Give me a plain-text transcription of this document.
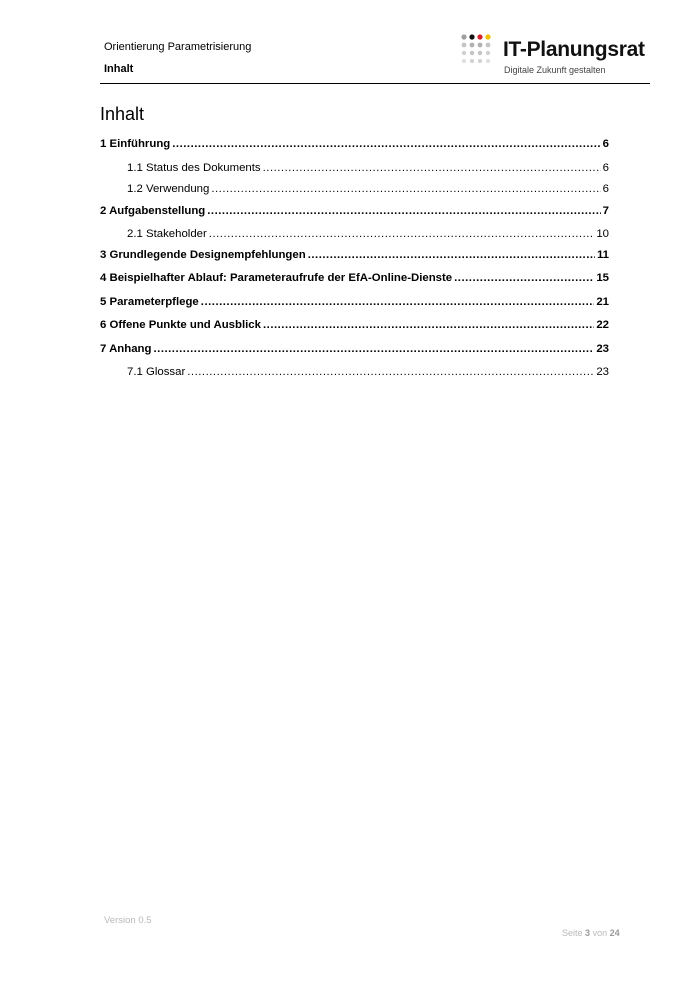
Orientierung Parametrisierung
Inhalt
IT-Planungsrat
Digitale Zukunft gestalten
Inhalt
1 Einführung .....	6
1.1 Status des Dokuments .....	6
1.2 Verwendung .....	6
2 Aufgabenstellung .....	7
2.1 Stakeholder .....	10
3 Grundlegende Designempfehlungen .....	11
4 Beispielhafter Ablauf: Parameteraufrufe der EfA-Online-Dienste .....	15
5 Parameterpflege .....	21
6 Offene Punkte und Ausblick .....	22
7 Anhang .....	23
7.1 Glossar .....	23
Version 0.5
Seite 3 von 24
